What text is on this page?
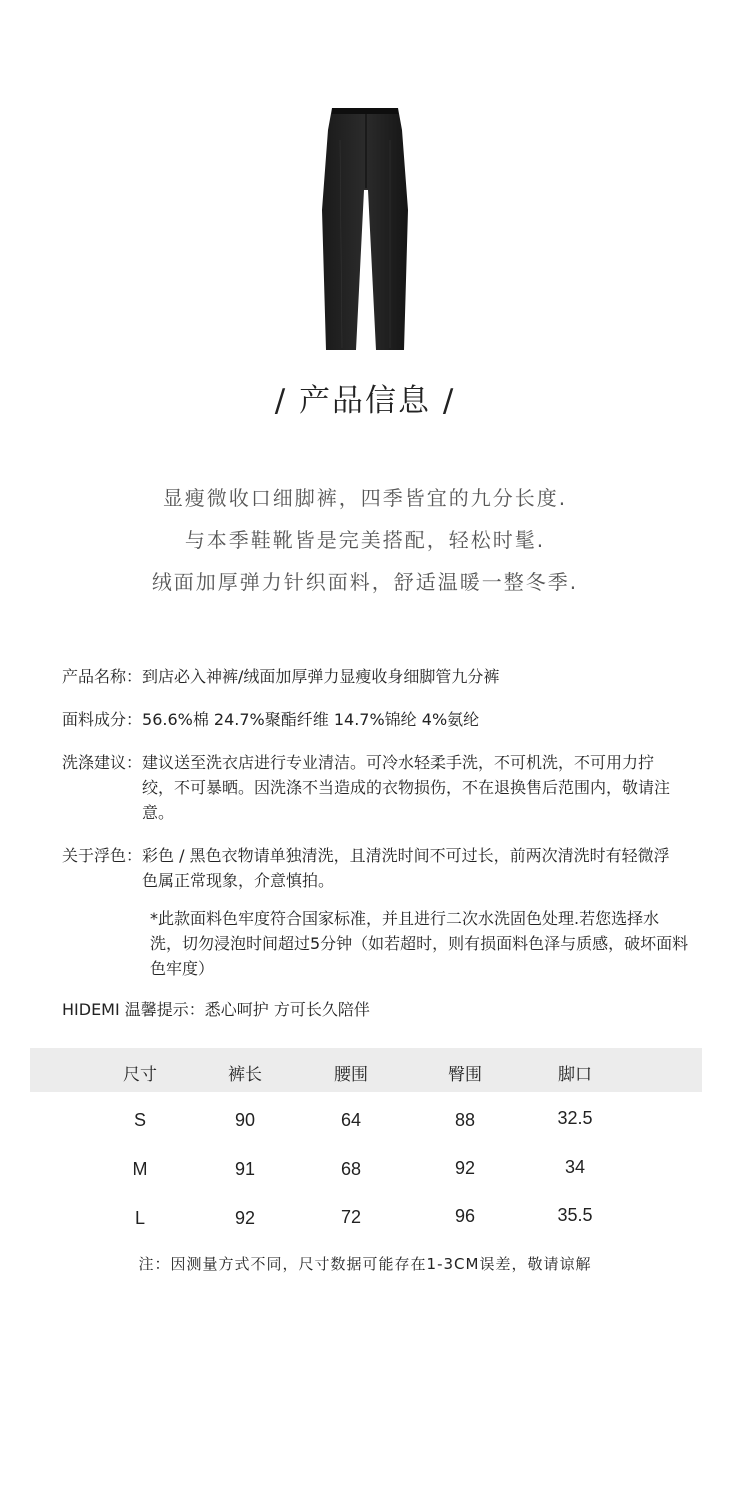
/ 产品信息 /
显瘦微收口细脚裤，四季皆宜的九分长度.
与本季鞋靴皆是完美搭配，轻松时髦.
绒面加厚弹力针织面料，舒适温暖一整冬季.
产品名称： 到店必入神裤/绒面加厚弹力显瘦收身细脚管九分裤
面料成分： 56.6%棉 24.7%聚酯纤维 14.7%锦纶 4%氨纶
洗涤建议： 建议送至洗衣店进行专业清洁。可冷水轻柔手洗，不可机洗，不可用力拧绞，不可暴晒。因洗涤不当造成的衣物损伤，不在退换售后范围内，敬请注意。
关于浮色： 彩色 / 黑色衣物请单独清洗，且清洗时间不可过长，前两次清洗时有轻微浮色属正常现象，介意慎拍。
*此款面料色牢度符合国家标准，并且进行二次水洗固色处理.若您选择水洗，切勿浸泡时间超过5分钟（如若超时，则有损面料色泽与质感，破坏面料色牢度）
HIDEMI 温馨提示：悉心呵护 方可长久陪伴
尺寸	裤长	腰围	臀围	脚口
S	90	64	88	32.5
M	91	68	92	34
L	92	72	96	35.5
注：因测量方式不同，尺寸数据可能存在1-3CM误差，敬请谅解
